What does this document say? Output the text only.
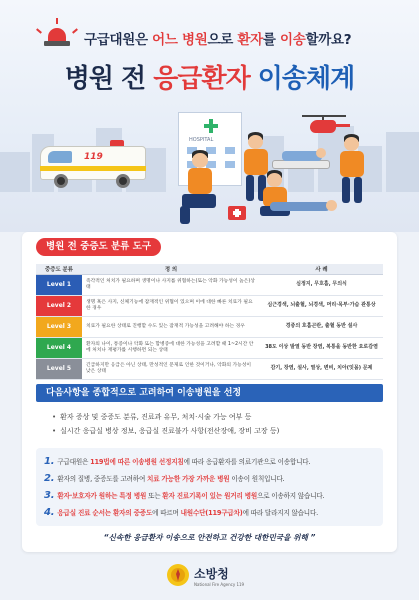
구급대원은 어느 병원으로 환자를 이송할까요?
병원 전 응급환자 이송체계
HOSPITAL
119
병원 전 중증도 분류 도구
중증도 분류	정 의	사 례
Level 1	즉각적인 처치가 필요하며 생명이나 사지를 위협하는(또는 악화 가능성이 높은)상태	심정지, 무호흡, 무의식
Level 2	생명 혹은 사지, 신체기능에 잠재적인 위협이 있으며 이에 대한 빠른 치료가 필요한 경우	심근경색, 뇌출혈, 뇌경색, 머리·목부·가슴 관통상
Level 3	치료가 필요한 상태로 진행할 수도 있는 잠재적 가능성을 고려해야 하는 경우	경증의 호흡곤란, 출혈 동반 설사
Level 4	환자의 나이, 통증이나 악화 또는 합병증에 대한 가능성을 고려할 때 1~2시간 안에 처치나 재평가를 시행하면 되는 상태	38도 이상 발열 동반 장염, 복통을 동반한 요로감염
Level 5	긴급하지만 응급은 아닌 상태, 만성적인 문제로 인한 것이거나, 악화의 가능성이 낮은 상태	감기, 장염, 설사, 열상, 변비, 치아(잇몸) 문제
다음사항을 종합적으로 고려하여 이송병원을 선정
• 환자 증상 및 중증도 분류, 진료과 유무, 처치·시술 가능 여부 등
• 실시간 응급실 병상 정보, 응급실 진료불가 사항(전산장애, 장비 고장 등)
1. 구급대원은 119법에 따른 이송병원 선정지침에 따라 응급환자를 의료기관으로 이송합니다.
2. 환자의 질병, 중증도를 고려하여 치료 가능한 가장 가까운 병원 이송이 원칙입니다.
3. 환자·보호자가 원하는 특정 병원 또는 환자 진료기록이 있는 원거리 병원으로 이송하지 않습니다.
4. 응급실 진료 순서는 환자의 중증도에 따르며 내원수단(119구급차)에 따라 달라지지 않습니다.
“신속한 응급환자 이송으로 안전하고 건강한 대한민국을 위해 ”
소방청
National Fire Agency 119
